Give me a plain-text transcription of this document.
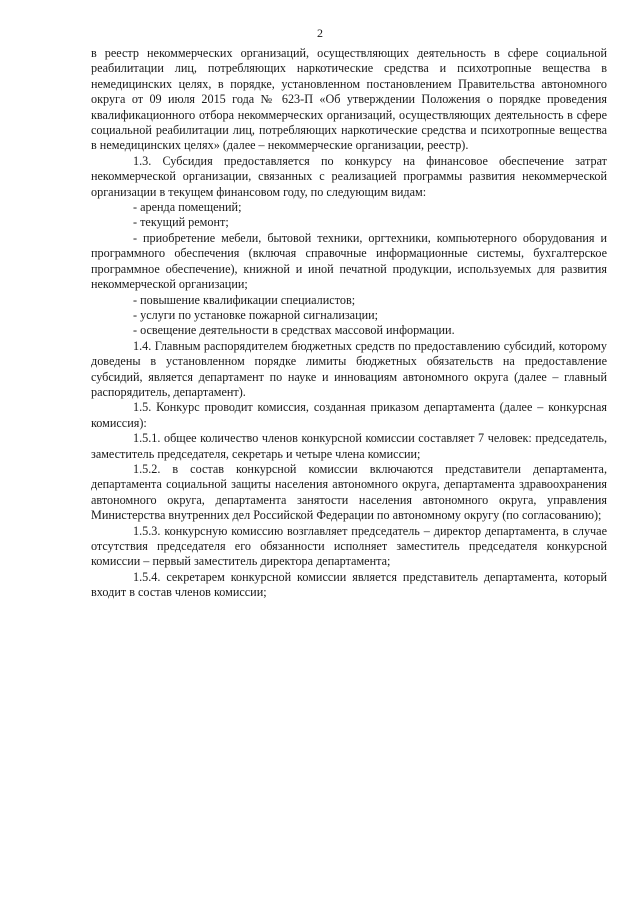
2

в реестр некоммерческих организаций, осуществляющих деятельность в сфере социальной реабилитации лиц, потребляющих наркотические средства и психотропные вещества в немедицинских целях, в порядке, установленном постановлением Правительства автономного округа от 09 июля 2015 года № 623-П «Об утверждении Положения о порядке проведения квалификационного отбора некоммерческих организаций, осуществляющих деятельность в сфере социальной реабилитации лиц, потребляющих наркотические средства и психотропные вещества в немедицинских целях» (далее – некоммерческие организации, реестр).

1.3. Субсидия предоставляется по конкурсу на финансовое обеспечение затрат некоммерческой организации, связанных с реализацией программы развития некоммерческой организации в текущем финансовом году, по следующим видам:

- аренда помещений;

- текущий ремонт;

- приобретение мебели, бытовой техники, оргтехники, компьютерного оборудования и программного обеспечения (включая справочные информационные системы, бухгалтерское программное обеспечение), книжной и иной печатной продукции, используемых для развития некоммерческой организации;

- повышение квалификации специалистов;

- услуги по установке пожарной сигнализации;

- освещение деятельности в средствах массовой информации.

1.4. Главным распорядителем бюджетных средств по предоставлению субсидий, которому доведены в установленном порядке лимиты бюджетных обязательств на предоставление субсидий, является департамент по науке и инновациям автономного округа (далее – главный распорядитель, департамент).

1.5. Конкурс проводит комиссия, созданная приказом департамента (далее – конкурсная комиссия):

1.5.1. общее количество членов конкурсной комиссии составляет 7 человек: председатель, заместитель председателя, секретарь и четыре члена комиссии;

1.5.2. в состав конкурсной комиссии включаются представители департамента, департамента социальной защиты населения автономного округа, департамента здравоохранения автономного округа, департамента занятости населения автономного округа, управления Министерства внутренних дел Российской Федерации по автономному округу (по согласованию);

1.5.3. конкурсную комиссию возглавляет председатель – директор департамента, в случае отсутствия председателя его обязанности исполняет заместитель председателя конкурсной комиссии – первый заместитель директора департамента;

1.5.4. секретарем конкурсной комиссии является представитель департамента, который входит в состав членов комиссии;
